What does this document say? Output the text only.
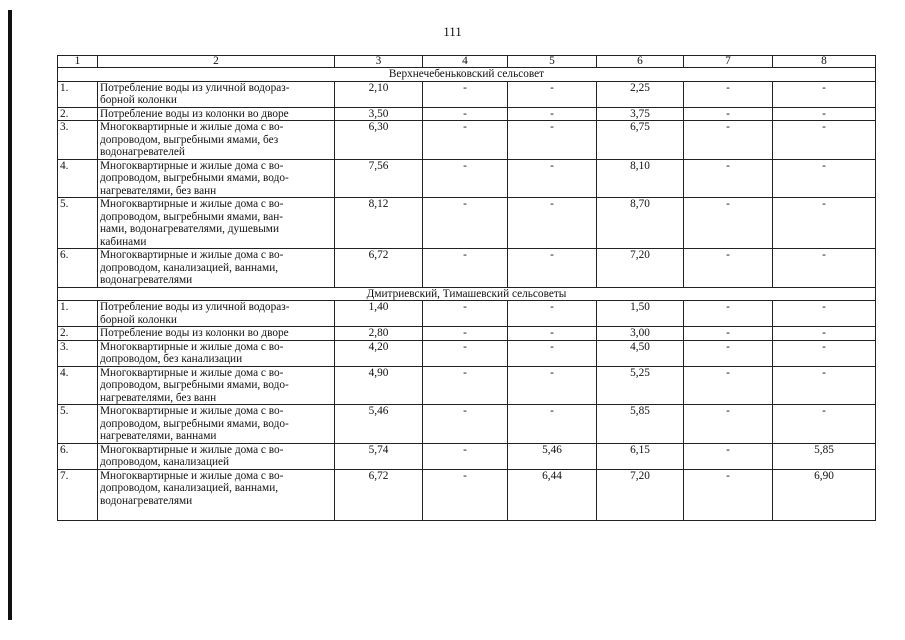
111
1	2	3	4	5	6	7	8
Верхнечебеньковский сельсовет							
1.	Потребление воды из уличной водораз-
борной колонки	2,10	-	-	2,25	-	-
2.	Потребление воды из колонки во дворе	3,50	-	-	3,75	-	-
3.	Многоквартирные и жилые дома с во-
допроводом, выгребными ямами, без
водонагревателей	6,30	-	-	6,75	-	-
4.	Многоквартирные и жилые дома с во-
допроводом, выгребными ямами, водо-
нагревателями, без ванн	7,56	-	-	8,10	-	-
5.	Многоквартирные и жилые дома с во-
допроводом, выгребными ямами, ван-
нами, водонагревателями, душевыми
кабинами	8,12	-	-	8,70	-	-
6.	Многоквартирные и жилые дома с во-
допроводом, канализацией, ваннами,
водонагревателями	6,72	-	-	7,20	-	-
Дмитриевский, Тимашевский сельсоветы							
1.	Потребление воды из уличной водораз-
борной колонки	1,40	-	-	1,50	-	-
2.	Потребление воды из колонки во дворе	2,80	-	-	3,00	-	-
3.	Многоквартирные и жилые дома с во-
допроводом, без канализации	4,20	-	-	4,50	-	-
4.	Многоквартирные и жилые дома с во-
допроводом, выгребными ямами, водо-
нагревателями, без ванн	4,90	-	-	5,25	-	-
5.	Многоквартирные и жилые дома с во-
допроводом, выгребными ямами, водо-
нагревателями, ваннами	5,46	-	-	5,85	-	-
6.	Многоквартирные и жилые дома с во-
допроводом, канализацией	5,74	-	5,46	6,15	-	5,85
7.	Многоквартирные и жилые дома с во-
допроводом, канализацией, ваннами,
водонагревателями	6,72	-	6,44	7,20	-	6,90
